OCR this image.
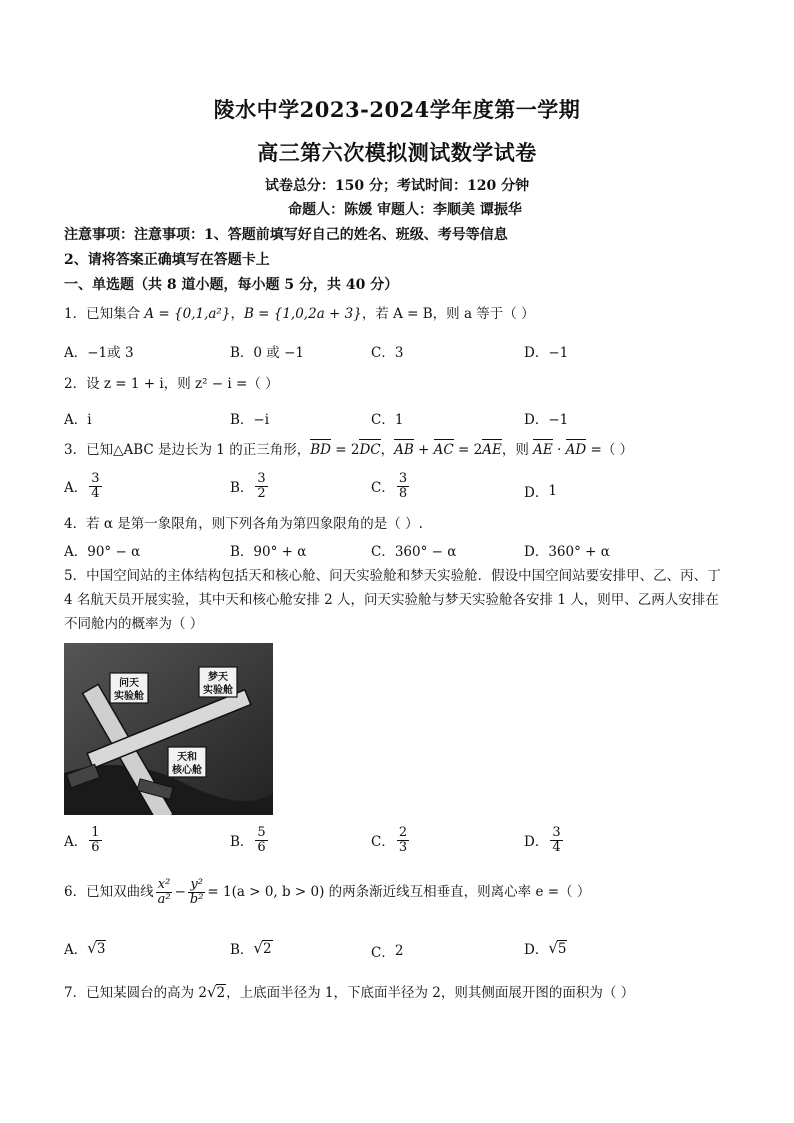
陵水中学2023-2024学年度第一学期
高三第六次模拟测试数学试卷
试卷总分：150 分；考试时间：120 分钟
命题人：陈媛 审题人：李顺美 谭振华
注意事项：注意事项：1、答题前填写好自己的姓名、班级、考号等信息
2、请将答案正确填写在答题卡上
一、单选题（共 8 道小题，每小题 5 分，共 40 分）
1．已知集合 A = {0,1,a²}，B = {1,0,2a + 3}，若 A = B，则 a 等于（ ）
A．−1或 3	B．0 或 −1	C．3	D．−1
2．设 z = 1 + i，则 z² − i =（ ）
A．i	B．−i	C．1	D．−1
3．已知△ABC 是边长为 1 的正三角形，BD = 2DC，AB + AC = 2AE，则 AE · AD =（ ）
A． $\frac{3}{4}$	B． $\frac{3}{2}$	C． $\frac{3}{8}$	D． 1
4．若 α 是第一象限角，则下列各角为第四象限角的是（ ）.
A．90° − α	B．90° + α	C．360° − α	D．360° + α
5．中国空间站的主体结构包括天和核心舱、问天实验舱和梦天实验舱．假设中国空间站要安排甲、乙、丙、丁 4 名航天员开展实验，其中天和核心舱安排 2 人，问天实验舱与梦天实验舱各安排 1 人，则甲、乙两人安排在不同舱内的概率为（ ）
问天
实验舱
梦天
实验舱
天和
核心舱
A． $\frac{1}{6}$	B． $\frac{5}{6}$	C． $\frac{2}{3}$	D． $\frac{3}{4}$
6． 已知双曲线 $\frac{\text{x²}}{\text{a²}} - \frac{\text{y²}}{\text{b²}} = 1(a > 0$, b > 0) 的两条渐近线互相垂直，则离心率 e =（ ）
A． √ 3	B． √ 2	C． 2	D． √ 5
7． 已知某圆台的高为 2 √ 2 ，上底面半径为 1，下底面半径为 2，则其侧面展开图的面积为（ ）
